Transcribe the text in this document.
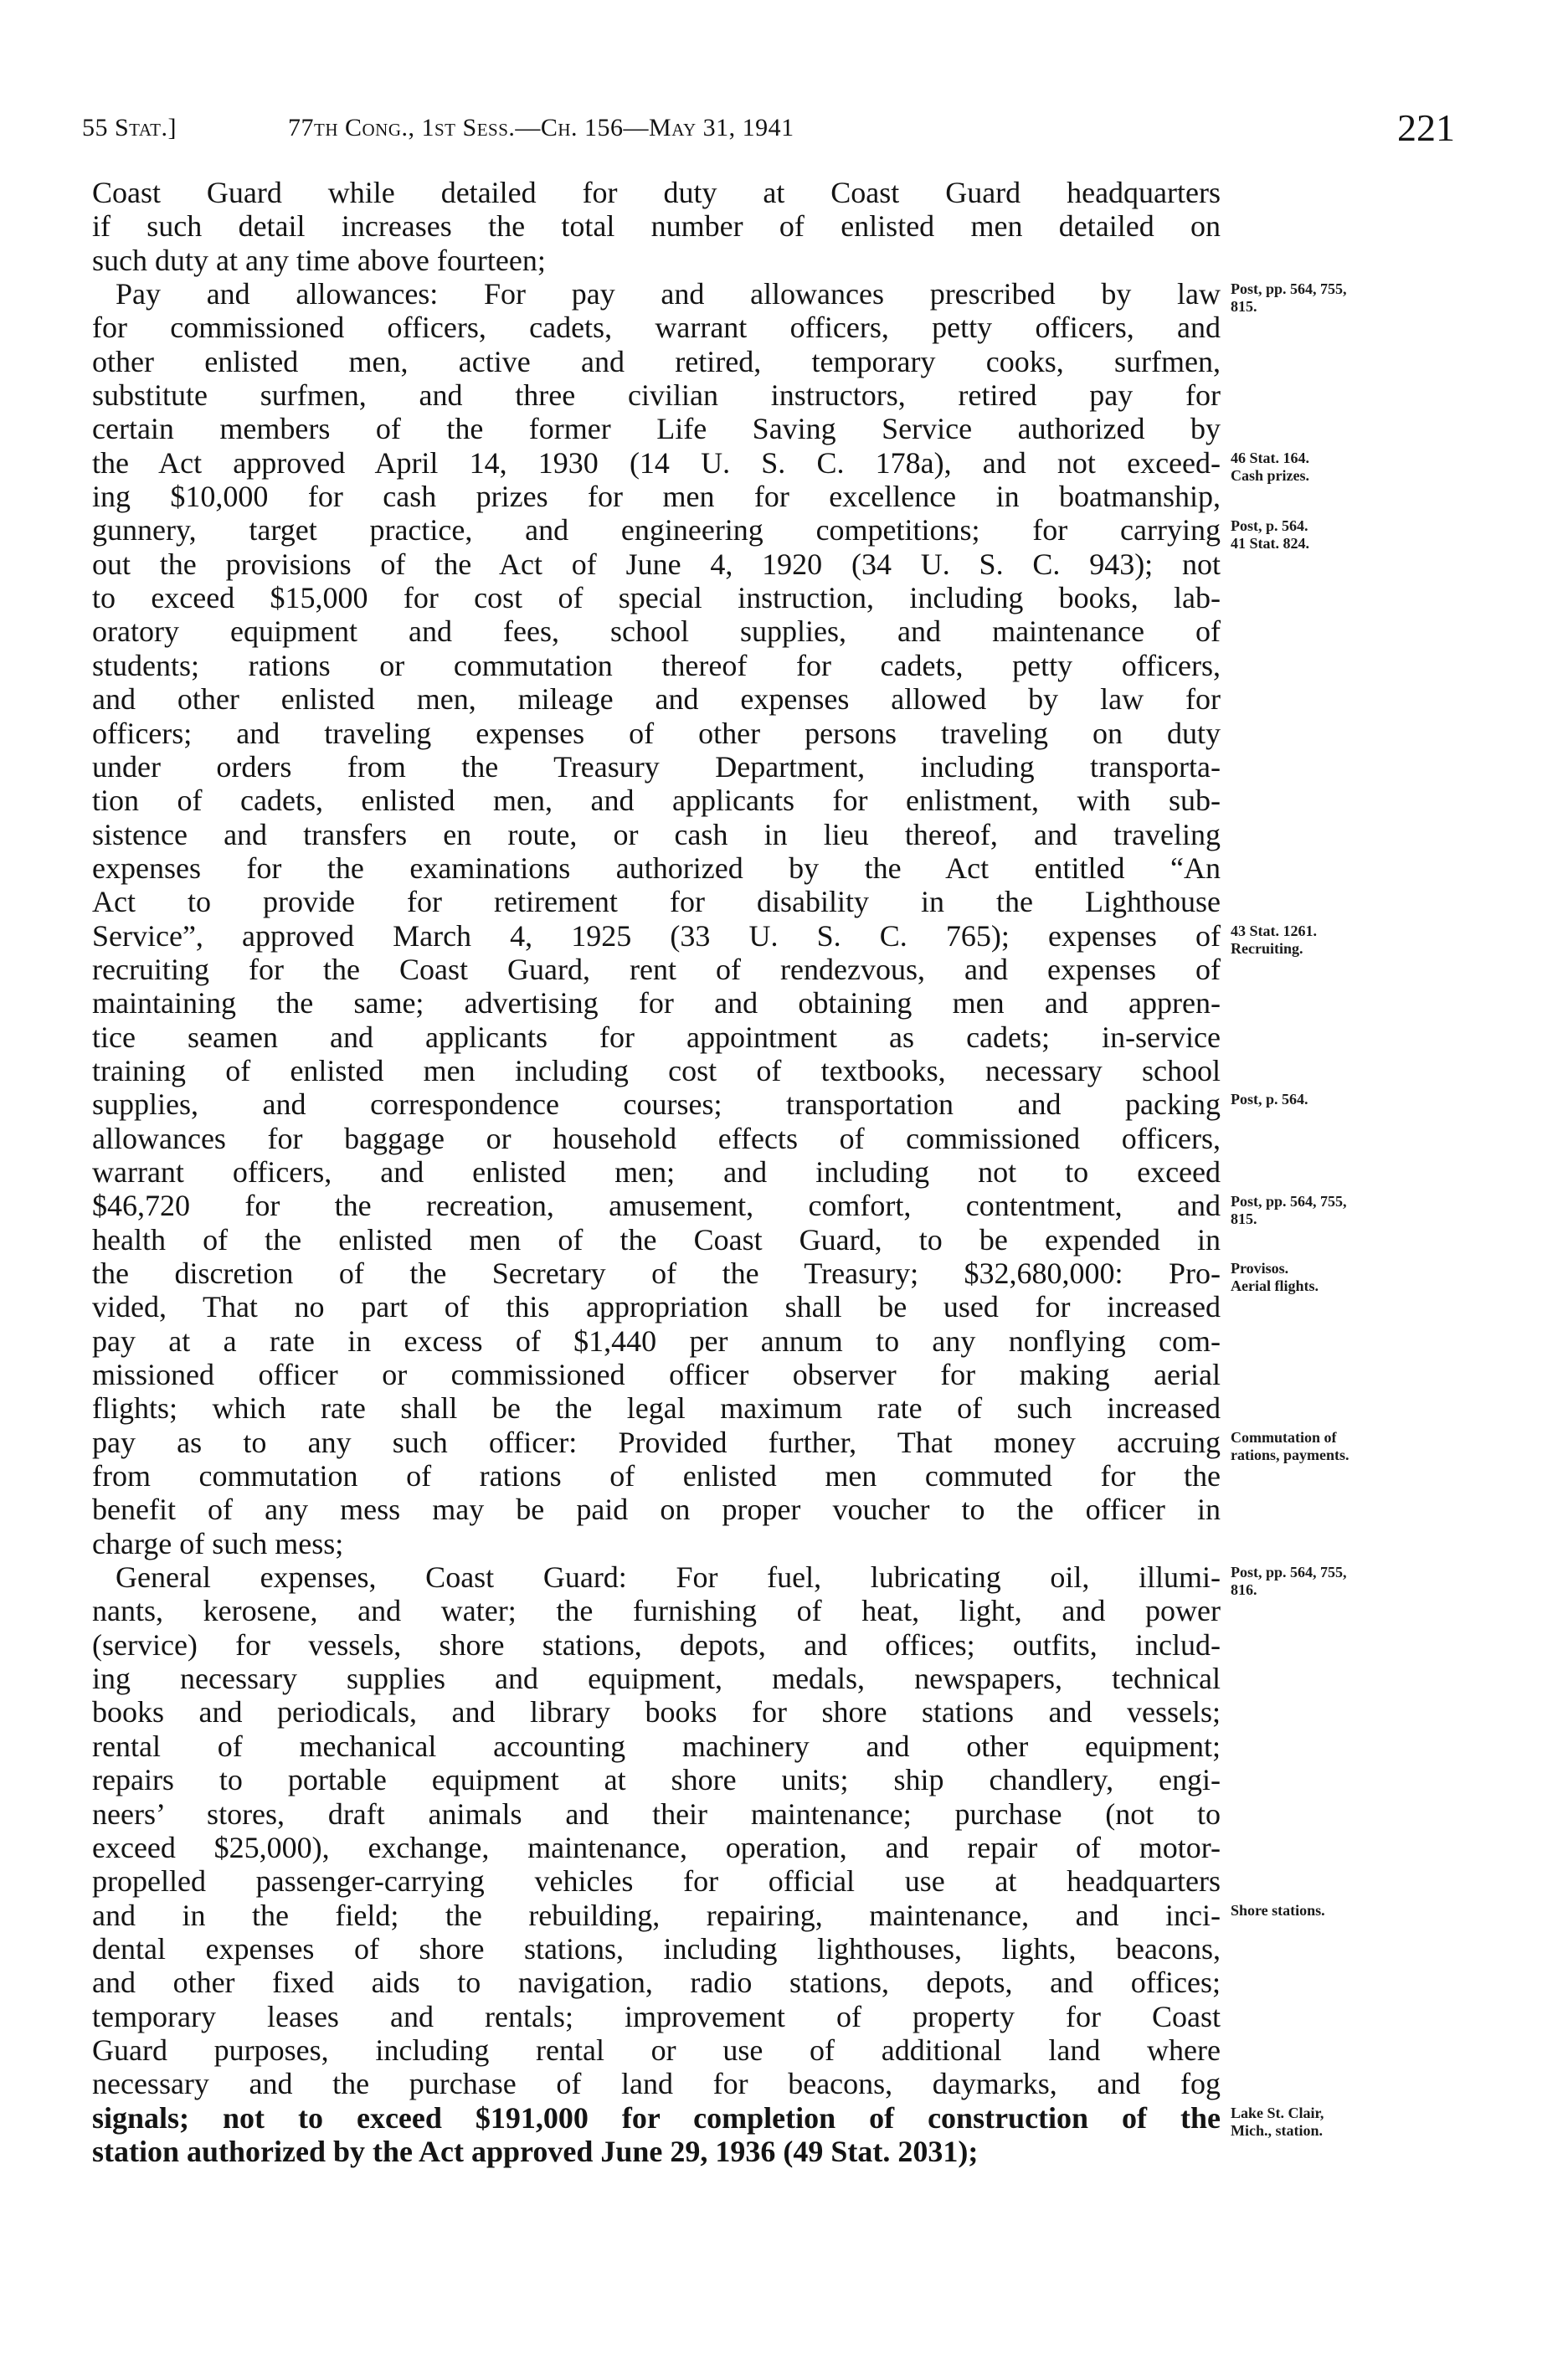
55 Stat.]	77th Cong., 1st Sess.—Ch. 156—May 31, 1941	221
Coast Guard while detailed for duty at Coast Guard headquarters
if such detail increases the total number of enlisted men detailed on
such duty at any time above fourteen;
Pay and allowances: For pay and allowances prescribed by law
for commissioned officers, cadets, warrant officers, petty officers, and
other enlisted men, active and retired, temporary cooks, surfmen,
substitute surfmen, and three civilian instructors, retired pay for
certain members of the former Life Saving Service authorized by
the Act approved April 14, 1930 (14 U. S. C. 178a), and not exceed-
ing $10,000 for cash prizes for men for excellence in boatmanship,
gunnery, target practice, and engineering competitions; for carrying
out the provisions of the Act of June 4, 1920 (34 U. S. C. 943); not
to exceed $15,000 for cost of special instruction, including books, lab-
oratory equipment and fees, school supplies, and maintenance of
students; rations or commutation thereof for cadets, petty officers,
and other enlisted men, mileage and expenses allowed by law for
officers; and traveling expenses of other persons traveling on duty
under orders from the Treasury Department, including transporta-
tion of cadets, enlisted men, and applicants for enlistment, with sub-
sistence and transfers en route, or cash in lieu thereof, and traveling
expenses for the examinations authorized by the Act entitled “An
Act to provide for retirement for disability in the Lighthouse
Service”, approved March 4, 1925 (33 U. S. C. 765); expenses of
recruiting for the Coast Guard, rent of rendezvous, and expenses of
maintaining the same; advertising for and obtaining men and appren-
tice seamen and applicants for appointment as cadets; in-service
training of enlisted men including cost of textbooks, necessary school
supplies, and correspondence courses; transportation and packing
allowances for baggage or household effects of commissioned officers,
warrant officers, and enlisted men; and including not to exceed
$46,720 for the recreation, amusement, comfort, contentment, and
health of the enlisted men of the Coast Guard, to be expended in
the discretion of the Secretary of the Treasury; $32,680,000: Pro-
vided, That no part of this appropriation shall be used for increased
pay at a rate in excess of $1,440 per annum to any nonflying com-
missioned officer or commissioned officer observer for making aerial
flights; which rate shall be the legal maximum rate of such increased
pay as to any such officer: Provided further, That money accruing
from commutation of rations of enlisted men commuted for the
benefit of any mess may be paid on proper voucher to the officer in
charge of such mess;
General expenses, Coast Guard: For fuel, lubricating oil, illumi-
nants, kerosene, and water; the furnishing of heat, light, and power
(service) for vessels, shore stations, depots, and offices; outfits, includ-
ing necessary supplies and equipment, medals, newspapers, technical
books and periodicals, and library books for shore stations and vessels;
rental of mechanical accounting machinery and other equipment;
repairs to portable equipment at shore units; ship chandlery, engi-
neers’ stores, draft animals and their maintenance; purchase (not to
exceed $25,000), exchange, maintenance, operation, and repair of motor-
propelled passenger-carrying vehicles for official use at headquarters
and in the field; the rebuilding, repairing, maintenance, and inci-
dental expenses of shore stations, including lighthouses, lights, beacons,
and other fixed aids to navigation, radio stations, depots, and offices;
temporary leases and rentals; improvement of property for Coast
Guard purposes, including rental or use of additional land where
necessary and the purchase of land for beacons, daymarks, and fog
signals; not to exceed $191,000 for completion of construction of the
station authorized by the Act approved June 29, 1936 (49 Stat. 2031);
Post, pp. 564, 755,
815.
46 Stat. 164.
Cash prizes.
Post, p. 564.
41 Stat. 824.
43 Stat. 1261.
Recruiting.
Post, p. 564.
Post, pp. 564, 755,
815.
Provisos.
Aerial flights.
Commutation of
rations, payments.
Post, pp. 564, 755,
816.
Shore stations.
Lake St. Clair,
Mich., station.
